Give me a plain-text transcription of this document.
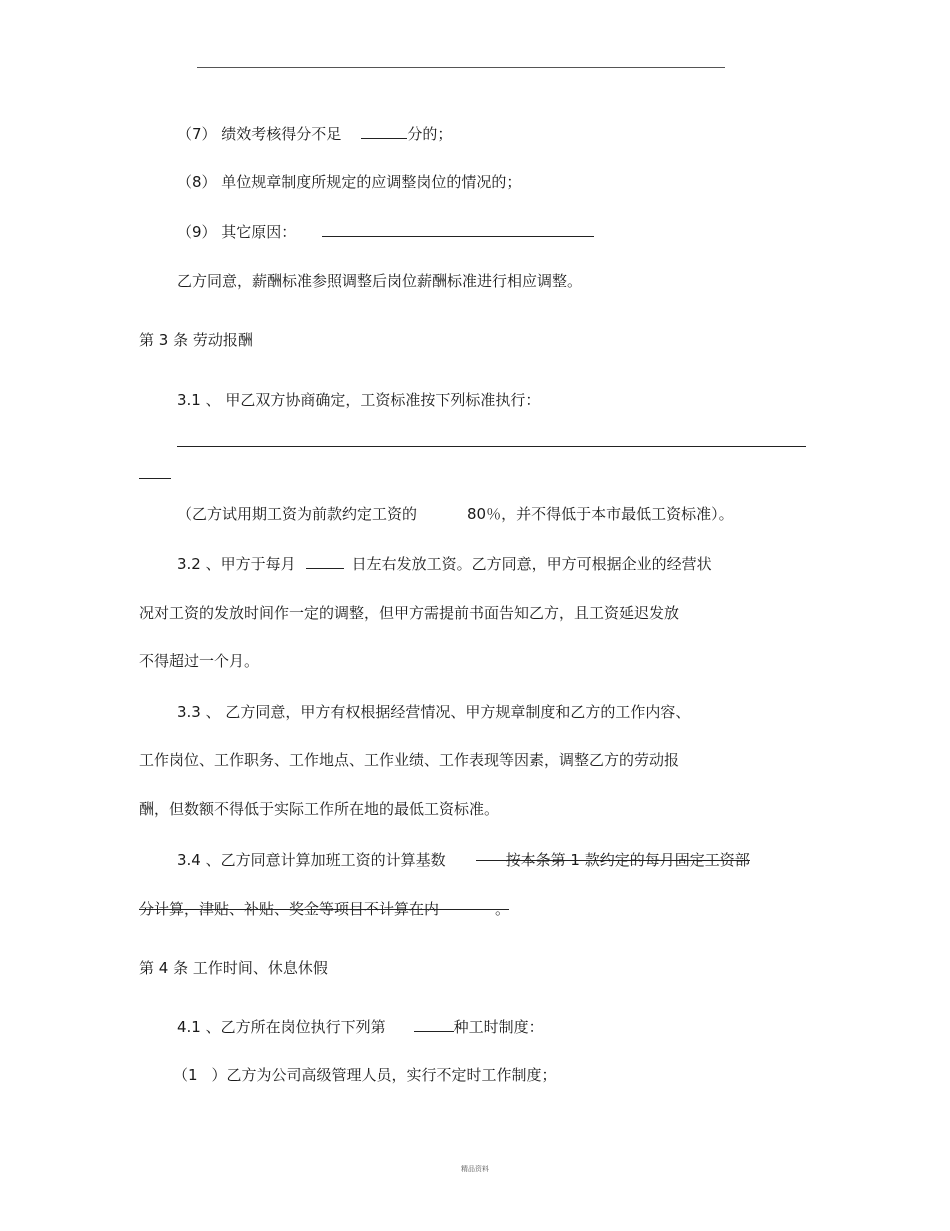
（7） 绩效考核得分不足	分的；
（8） 单位规章制度所规定的应调整岗位的情况的；
（9） 其它原因：
乙方同意，薪酬标准参照调整后岗位薪酬标准进行相应调整。
第 3 条 劳动报酬
3.1 、 甲乙双方协商确定，工资标准按下列标准执行：
（乙方试用期工资为前款约定工资的	80％，并不得低于本市最低工资标准）。
3.2 、甲方于每月	日左右发放工资。乙方同意，甲方可根据企业的经营状
况对工资的发放时间作一定的调整，但甲方需提前书面告知乙方，且工资延迟发放
不得超过一个月。
3.3 、 乙方同意，甲方有权根据经营情况、甲方规章制度和乙方的工作内容、
工作岗位、工作职务、工作地点、工作业绩、工作表现等因素，调整乙方的劳动报
酬，但数额不得低于实际工作所在地的最低工资标准。
3.4 、乙方同意计算加班工资的计算基数	按本条第 1 款约定的每月固定工资部
分计算，津贴、补贴、奖金等项目不计算在内	。
第 4 条 工作时间、休息休假
4.1 、乙方所在岗位执行下列第	种工时制度：
（1 ）乙方为公司高级管理人员，实行不定时工作制度；
精品资料
